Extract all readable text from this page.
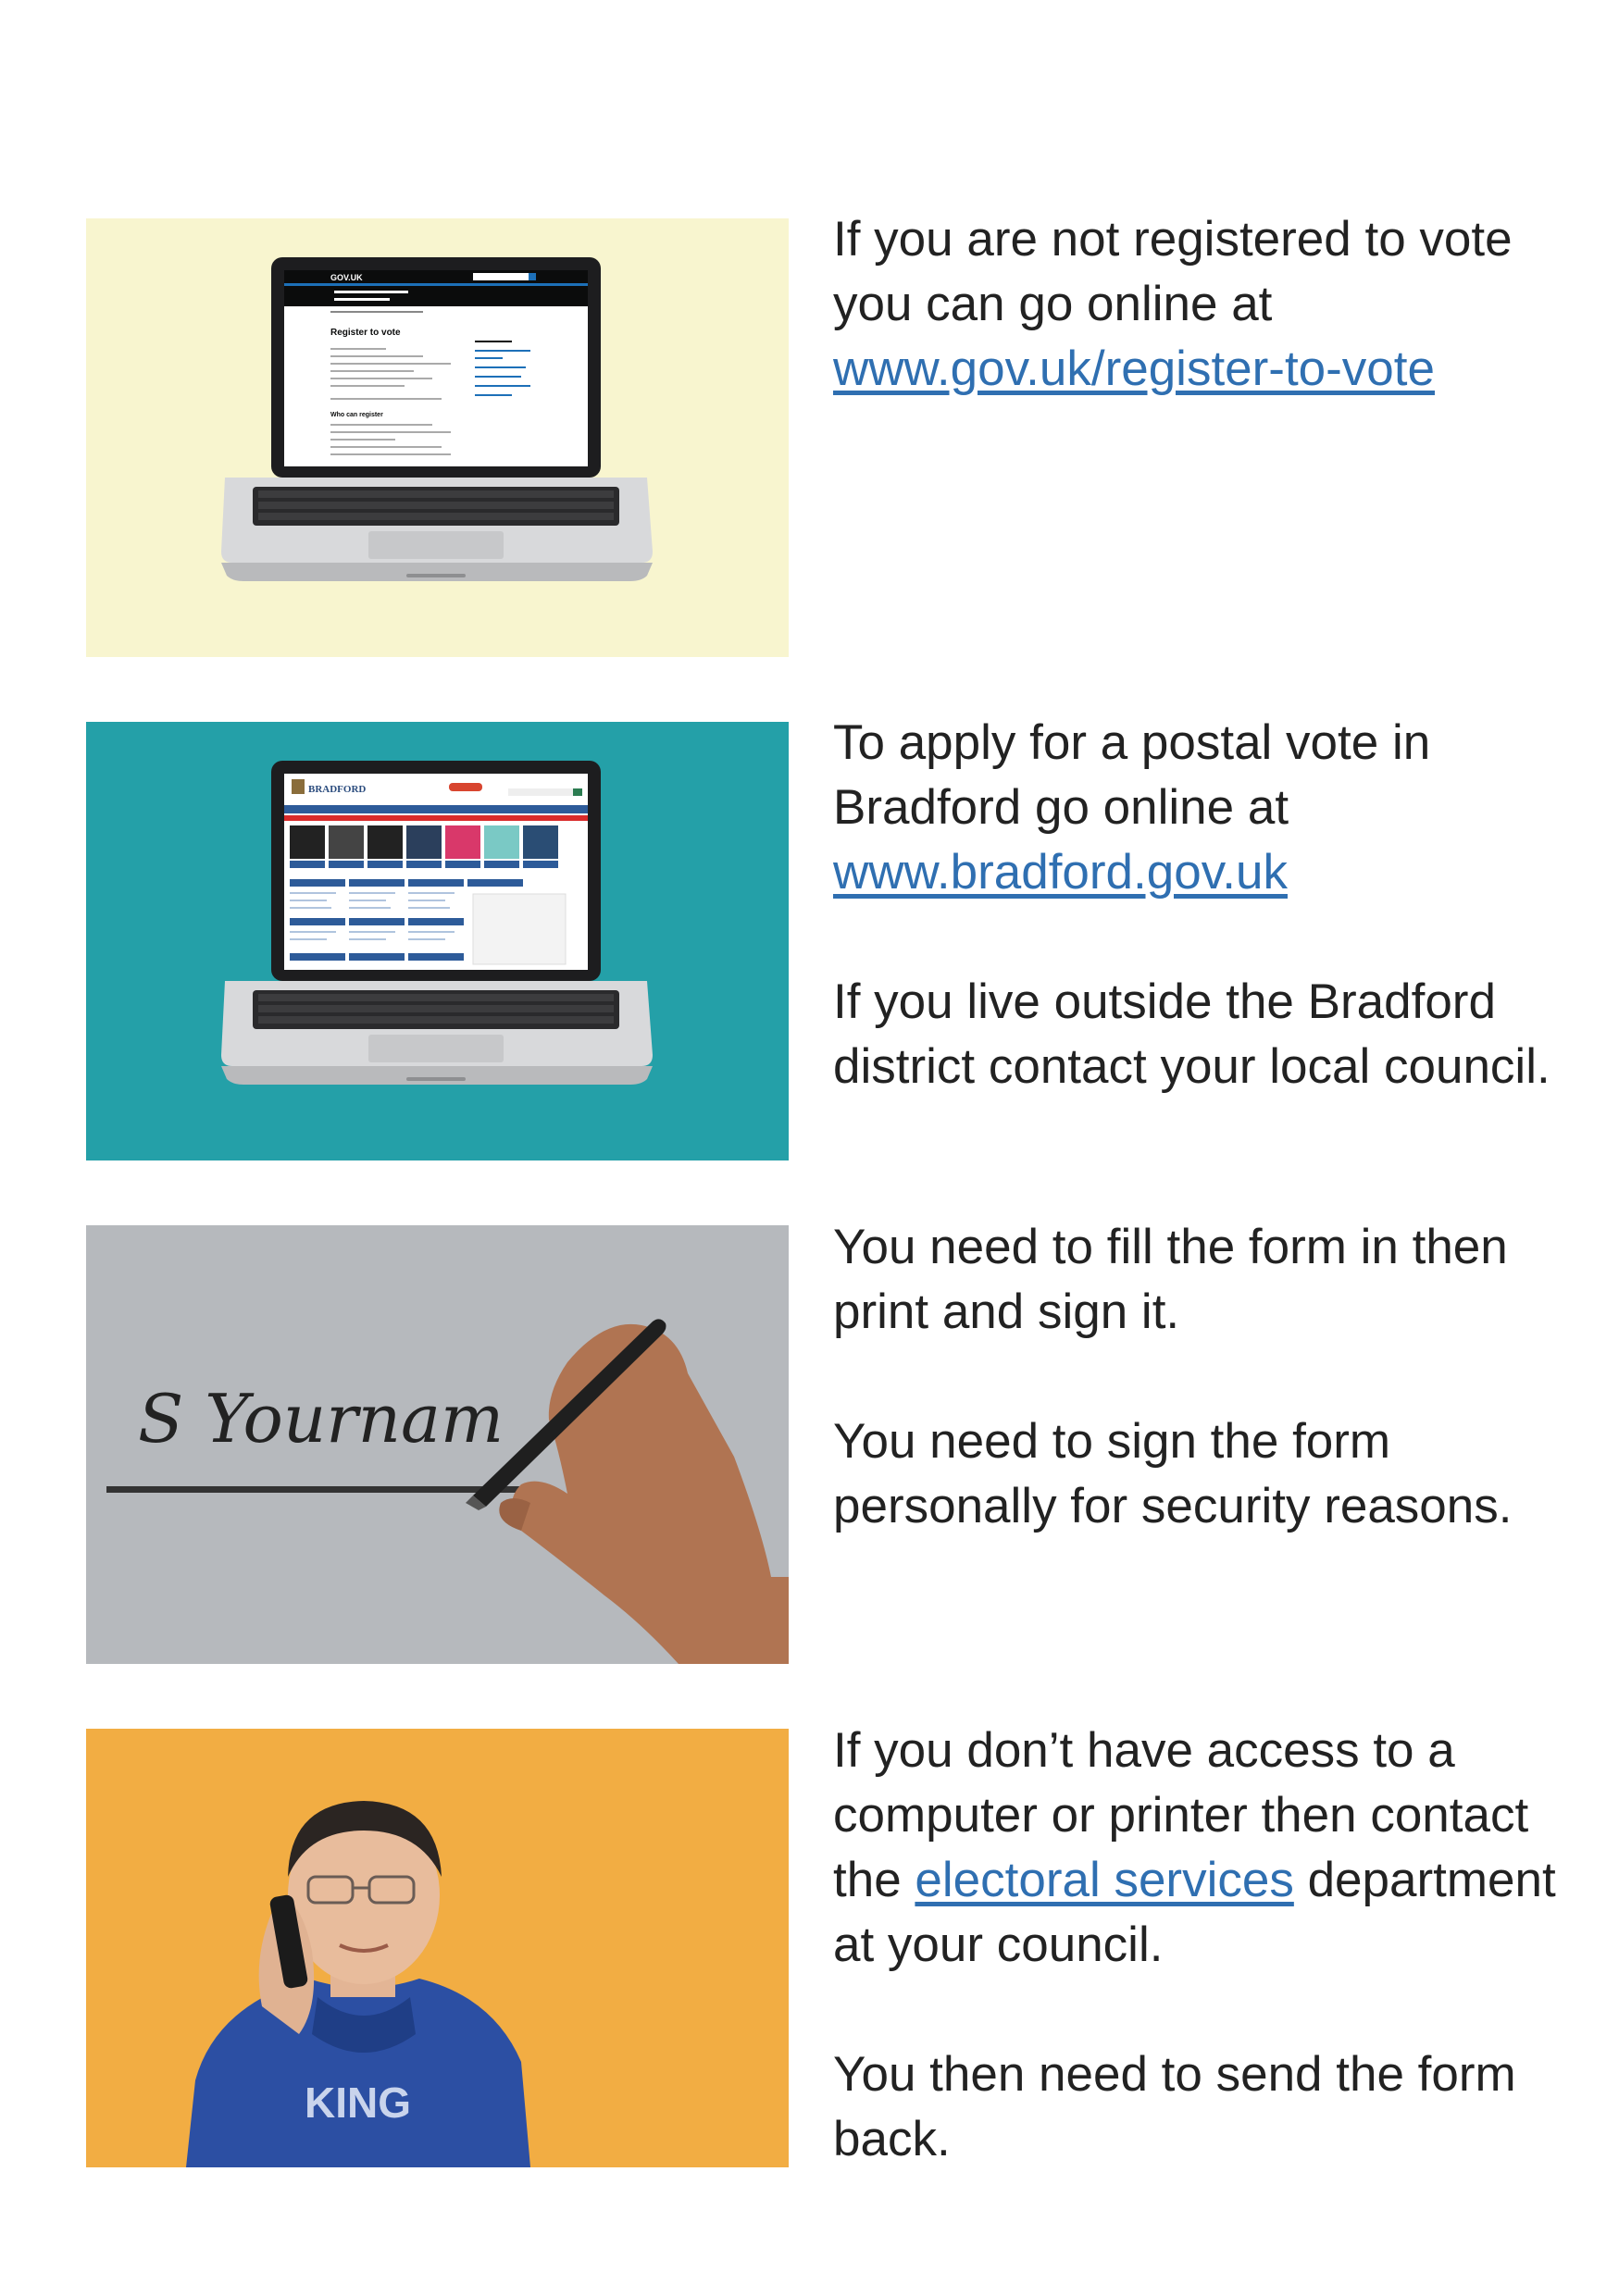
GOV.UK
Register to vote
Who can register

If you are not registered to vote you can go online at www.gov.uk/register-to-vote

BRADFORD

To apply for a postal vote in Bradford go online at www.bradford.gov.uk

If you live outside the Bradford district contact your local council.

S Yournam

You need to fill the form in then print and sign it.

You need to sign the form personally for security reasons.

KING

If you don’t have access to a computer or printer then contact the electoral services department at your council.

You then need to send the form back.
